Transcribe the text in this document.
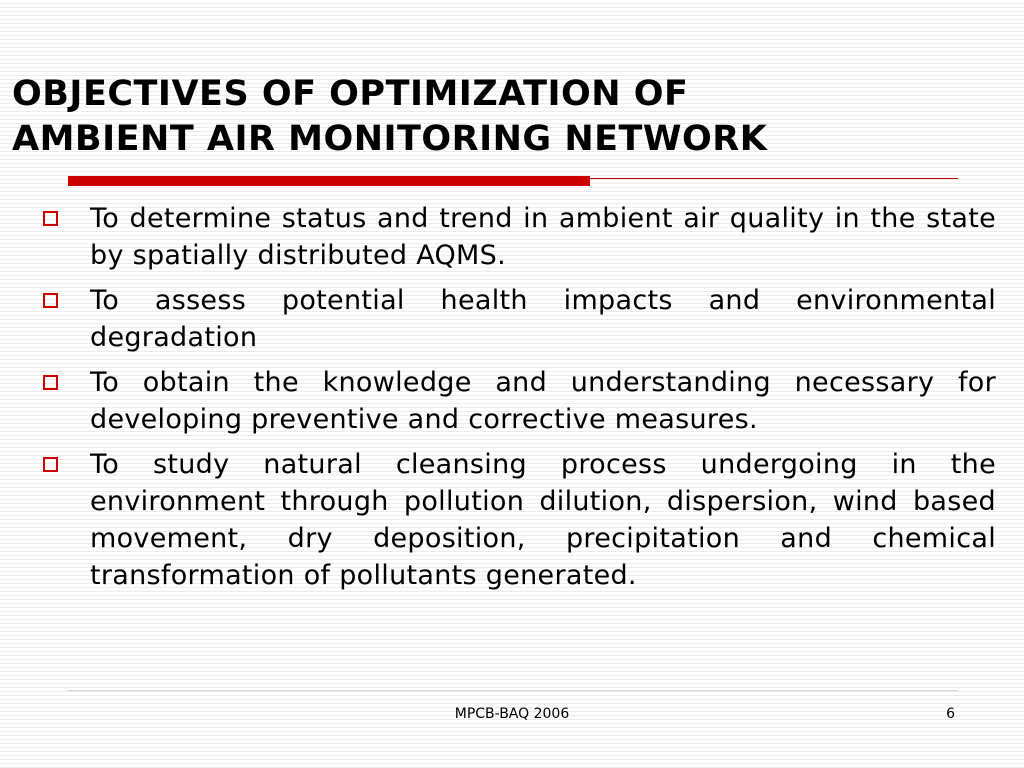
OBJECTIVES OF OPTIMIZATION OF
AMBIENT AIR MONITORING NETWORK
To determine status and trend in ambient air quality in the state by spatially distributed AQMS.
To assess potential health impacts and environmental degradation
To obtain the knowledge and understanding necessary for developing preventive and corrective measures.
To study natural cleansing process undergoing in the environment through pollution dilution, dispersion, wind based movement, dry deposition, precipitation and chemical transformation of pollutants generated.
MPCB-BAQ 2006	6
